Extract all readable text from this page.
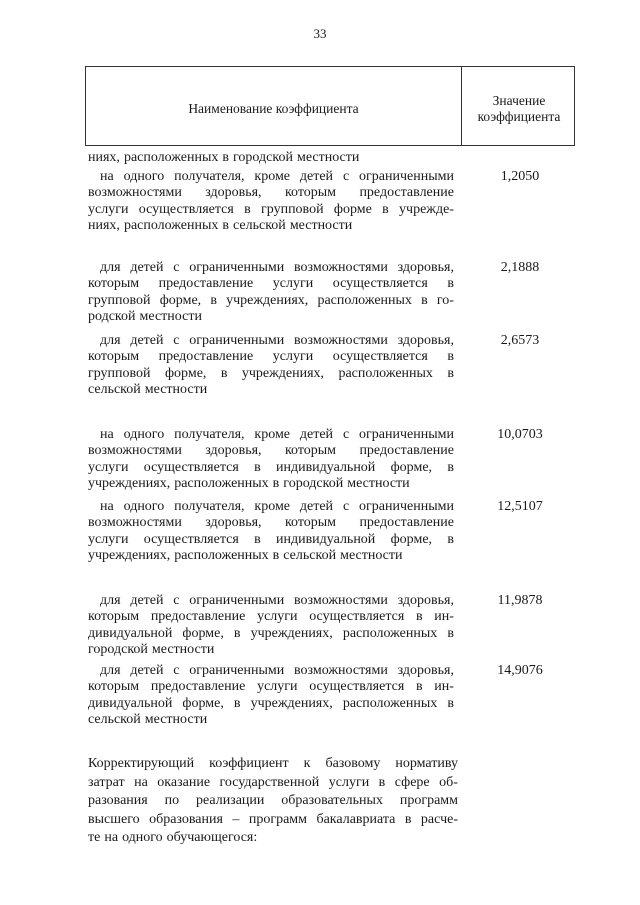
33
Наименование коэффициента
Значение
коэффициента
ниях, расположенных в городской местности
на одного получателя, кроме детей с ограниченными
возможностями здоровья, которым предоставление
услуги осуществляется в групповой форме в учрежде-
ниях, расположенных в сельской местности
1,2050
для детей с ограниченными возможностями здоровья,
которым предоставление услуги осуществляется в
групповой форме, в учреждениях, расположенных в го-
родской местности
2,1888
для детей с ограниченными возможностями здоровья,
которым предоставление услуги осуществляется в
групповой форме, в учреждениях, расположенных в
сельской местности
2,6573
на одного получателя, кроме детей с ограниченными
возможностями здоровья, которым предоставление
услуги осуществляется в индивидуальной форме, в
учреждениях, расположенных в городской местности
10,0703
на одного получателя, кроме детей с ограниченными
возможностями здоровья, которым предоставление
услуги осуществляется в индивидуальной форме, в
учреждениях, расположенных в сельской местности
12,5107
для детей с ограниченными возможностями здоровья,
которым предоставление услуги осуществляется в ин-
дивидуальной форме, в учреждениях, расположенных в
городской местности
11,9878
для детей с ограниченными возможностями здоровья,
которым предоставление услуги осуществляется в ин-
дивидуальной форме, в учреждениях, расположенных в
сельской местности
14,9076
Корректирующий коэффициент к базовому нормативу
затрат на оказание государственной услуги в сфере об-
разования по реализации образовательных программ
высшего образования – программ бакалавриата в расче-
те на одного обучающегося:
